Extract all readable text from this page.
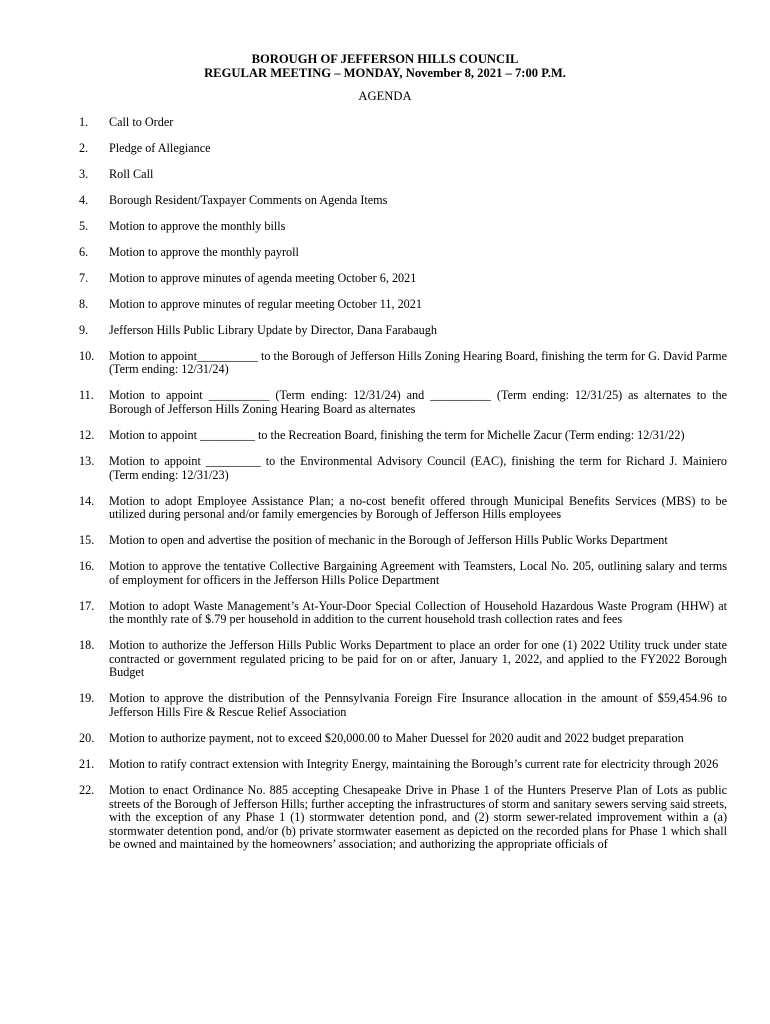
BOROUGH OF JEFFERSON HILLS COUNCIL
REGULAR MEETING – MONDAY, November 8, 2021 – 7:00 P.M.
AGENDA
1.	Call to Order
2.	Pledge of Allegiance
3.	Roll Call
4.	Borough Resident/Taxpayer Comments on Agenda Items
5.	Motion to approve the monthly bills
6.	Motion to approve the monthly payroll
7.	Motion to approve minutes of agenda meeting October 6, 2021
8.	Motion to approve minutes of regular meeting October 11, 2021
9.	Jefferson Hills Public Library Update by Director, Dana Farabaugh
10.	Motion to appoint__________ to the Borough of Jefferson Hills Zoning Hearing Board, finishing the term for G. David Parme (Term ending: 12/31/24)
11.	Motion to appoint __________ (Term ending: 12/31/24) and __________ (Term ending: 12/31/25) as alternates to the Borough of Jefferson Hills Zoning Hearing Board as alternates
12.	Motion to appoint _________ to the Recreation Board, finishing the term for Michelle Zacur (Term ending: 12/31/22)
13.	Motion to appoint _________ to the Environmental Advisory Council (EAC), finishing the term for Richard J. Mainiero (Term ending: 12/31/23)
14.	Motion to adopt Employee Assistance Plan; a no-cost benefit offered through Municipal Benefits Services (MBS) to be utilized during personal and/or family emergencies by Borough of Jefferson Hills employees
15.	Motion to open and advertise the position of mechanic in the Borough of Jefferson Hills Public Works Department
16.	Motion to approve the tentative Collective Bargaining Agreement with Teamsters, Local No. 205, outlining salary and terms of employment for officers in the Jefferson Hills Police Department
17.	Motion to adopt Waste Management’s At-Your-Door Special Collection of Household Hazardous Waste Program (HHW) at the monthly rate of $.79 per household in addition to the current household trash collection rates and fees
18.	Motion to authorize the Jefferson Hills Public Works Department to place an order for one (1) 2022 Utility truck under state contracted or government regulated pricing to be paid for on or after, January 1, 2022, and applied to the FY2022 Borough Budget
19.	Motion to approve the distribution of the Pennsylvania Foreign Fire Insurance allocation in the amount of $59,454.96 to Jefferson Hills Fire & Rescue Relief Association
20.	Motion to authorize payment, not to exceed $20,000.00 to Maher Duessel for 2020 audit and 2022 budget preparation
21.	Motion to ratify contract extension with Integrity Energy, maintaining the Borough’s current rate for electricity through 2026
22.	Motion to enact Ordinance No. 885 accepting Chesapeake Drive in Phase 1 of the Hunters Preserve Plan of Lots as public streets of the Borough of Jefferson Hills; further accepting the infrastructures of storm and sanitary sewers serving said streets, with the exception of any Phase 1 (1) stormwater detention pond, and (2) storm sewer-related improvement within a (a) stormwater detention pond, and/or (b) private stormwater easement as depicted on the recorded plans for Phase 1 which shall be owned and maintained by the homeowners’ association; and authorizing the appropriate officials of
